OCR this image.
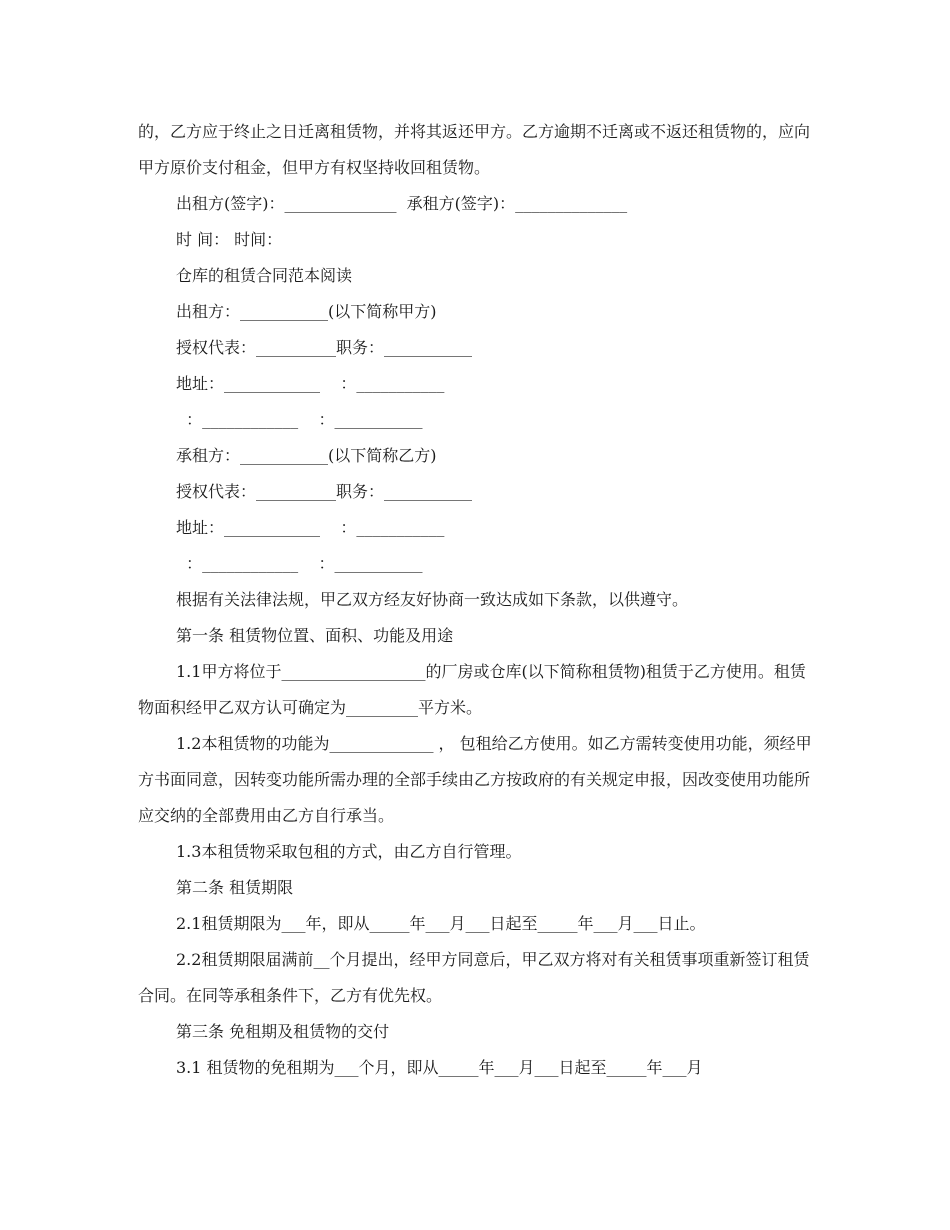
的，乙方应于终止之日迁离租赁物，并将其返还甲方。乙方逾期不迁离或不返还租赁物的，应向甲方原价支付租金，但甲方有权坚持收回租赁物。

出租方(签字)：______________  承租方(签字)：______________

时 间： 时间：

仓库的租赁合同范本阅读

出租方：___________(以下简称甲方)

授权代表：__________职务：___________

地址：____________    ：___________

：____________    ：___________

承租方：___________(以下简称乙方)

授权代表：__________职务：___________

地址：____________    ：___________

：____________    ：___________

根据有关法律法规，甲乙双方经友好协商一致达成如下条款，以供遵守。

第一条 租赁物位置、面积、功能及用途

1.1甲方将位于__________________的厂房或仓库(以下简称租赁物)租赁于乙方使用。租赁物面积经甲乙双方认可确定为_________平方米。

1.2本租赁物的功能为_____________ ， 包租给乙方使用。如乙方需转变使用功能，须经甲方书面同意，因转变功能所需办理的全部手续由乙方按政府的有关规定申报，因改变使用功能所应交纳的全部费用由乙方自行承当。

1.3本租赁物采取包租的方式，由乙方自行管理。

第二条 租赁期限

2.1租赁期限为___年，即从_____年___月___日起至_____年___月___日止。

2.2租赁期限届满前__个月提出，经甲方同意后，甲乙双方将对有关租赁事项重新签订租赁合同。在同等承租条件下，乙方有优先权。

第三条 免租期及租赁物的交付

3.1 租赁物的免租期为___个月，即从_____年___月___日起至_____年___月
